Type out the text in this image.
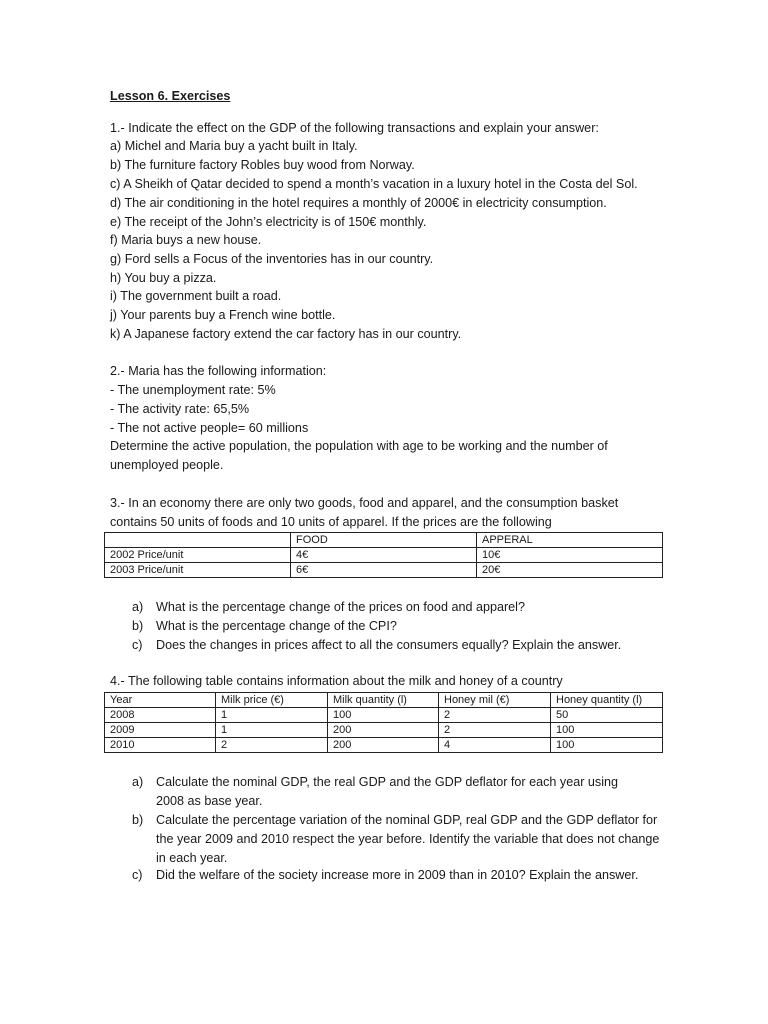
Lesson 6. Exercises
1.- Indicate the effect on the GDP of the following transactions and explain your answer:
a) Michel and Maria buy a yacht built in Italy.
b) The furniture factory Robles buy wood from Norway.
c) A Sheikh of Qatar decided to spend a month’s vacation in a luxury hotel in the Costa del Sol.
d) The air conditioning in the hotel requires a monthly of 2000€ in electricity consumption.
e) The receipt of the John’s electricity is of 150€ monthly.
f) Maria buys a new house.
g) Ford sells a Focus of the inventories has in our country.
h) You buy a pizza.
i) The government built a road.
j) Your parents buy a French wine bottle.
k) A Japanese factory extend the car factory has in our country.
2.- Maria has the following information:
- The unemployment rate: 5%
- The activity rate: 65,5%
- The not active people= 60 millions
Determine the active population, the population with age to be working and the number of
unemployed people.
3.- In an economy there are only two goods, food and apparel, and the consumption basket
contains 50 units of foods and 10 units of apparel. If the prices are the following
	FOOD	APPERAL
2002 Price/unit	4€	10€
2003 Price/unit	6€	20€
a)	What is the percentage change of the prices on food and apparel?
b)	What is the percentage change of the CPI?
c)	Does the changes in prices affect to all the consumers equally? Explain the answer.
4.- The following table contains information about the milk and honey of a country
Year	Milk price (€)	Milk quantity (l)	Honey mil (€)	Honey quantity (l)
2008	1	100	2	50
2009	1	200	2	100
2010	2	200	4	100
a)	Calculate the nominal GDP, the real GDP and the GDP deflator for each year using 2008 as base year.
b)	Calculate the percentage variation of the nominal GDP, real GDP and the GDP deflator for the year 2009 and 2010 respect the year before. Identify the variable that does not change in each year.
c)	Did the welfare of the society increase more in 2009 than in 2010? Explain the answer.
